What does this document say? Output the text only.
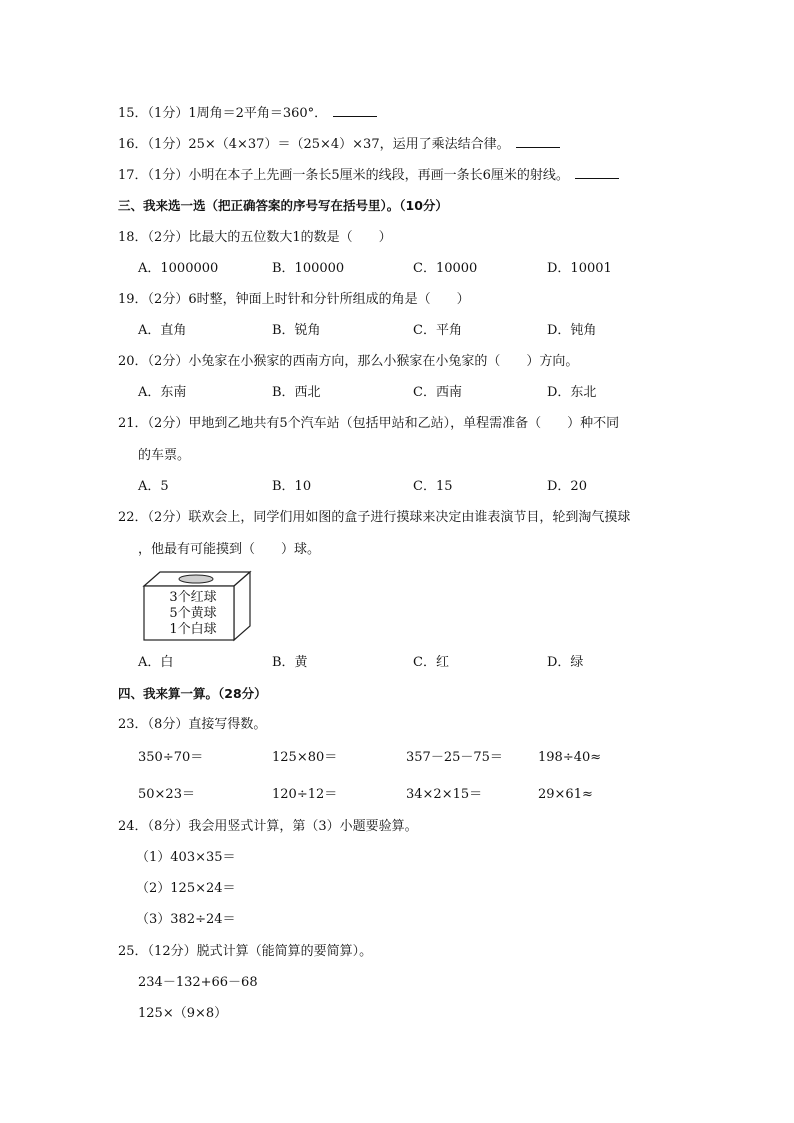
15．（1分）1周角＝2平角＝360°．
16．（1分）25×（4×37）＝（25×4）×37，运用了乘法结合律。
17．（1分）小明在本子上先画一条长5厘米的线段，再画一条长6厘米的射线。
三、我来选一选（把正确答案的序号写在括号里）。（10分）
18．（2分）比最大的五位数大1的数是（　　）
A．1000000	B．100000	C．10000	D．10001
19．（2分）6时整，钟面上时针和分针所组成的角是（　　）
A．直角	B．锐角	C．平角	D．钝角
20．（2分）小兔家在小猴家的西南方向，那么小猴家在小兔家的（　　）方向。
A．东南	B．西北	C．西南	D．东北
21．（2分）甲地到乙地共有5个汽车站（包括甲站和乙站），单程需准备（　　）种不同
的车票。
A．5	B．10	C．15	D．20
22．（2分）联欢会上，同学们用如图的盒子进行摸球来决定由谁表演节目，轮到淘气摸球
，他最有可能摸到（　　）球。
3个红球
5个黄球
1个白球
A．白	B．黄	C．红	D．绿
四、我来算一算。（28分）
23．（8分）直接写得数。
350÷70＝	125×80＝	357－25－75＝	198÷40≈
50×23＝	120÷12＝	34×2×15＝	29×61≈
24．（8分）我会用竖式计算，第（3）小题要验算。
（1）403×35＝
（2）125×24＝
（3）382÷24＝
25．（12分）脱式计算（能简算的要简算）。
234－132+66－68
125×（9×8）
